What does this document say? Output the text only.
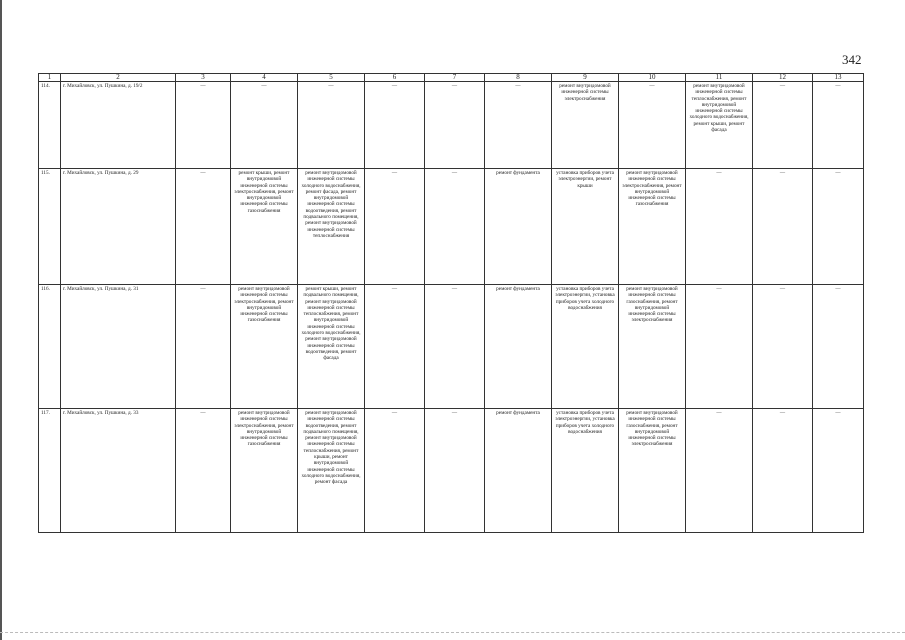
342
1	2	3	4	5	6	7	8	9	10	11	12	13
114.	г. Михайловск, ул. Пушкина, д. 19/2	—	—	—	—	—	—	ремонт внутридомовой инженерной системы электроснабжения	—	ремонт внутридомовой инженерной системы теплоснабжения, ремонт внутридомовой инженерной системы холодного водоснабжения, ремонт крыши, ремонт фасада	—	—
115.	г. Михайловск, ул. Пушкина, д. 29	—	ремонт крыши, ремонт внутридомовой инженерной системы электроснабжения, ремонт внутридомовой инженерной системы газоснабжения	ремонт внутридомовой инженерной системы холодного водоснабжения, ремонт фасада, ремонт внутридомовой инженерной системы водоотведения, ремонт подвального помещения, ремонт внутридомовой инженерной системы теплоснабжения	—	—	ремонт фундамента	установка приборов учета электроэнергии, ремонт крыши	ремонт внутридомовой инженерной системы электроснабжения, ремонт внутридомовой инженерной системы газоснабжения	—	—	—
116.	г. Михайловск, ул. Пушкина, д. 31	—	ремонт внутридомовой инженерной системы электроснабжения, ремонт внутридомовой инженерной системы газоснабжения	ремонт крыши, ремонт подвального помещения, ремонт внутридомовой инженерной системы теплоснабжения, ремонт внутридомовой инженерной системы холодного водоснабжения, ремонт внутридомовой инженерной системы водоотведения, ремонт фасада	—	—	ремонт фундамента	установка приборов учета электроэнергии, установка приборов учета холодного водоснабжения	ремонт внутридомовой инженерной системы газоснабжения, ремонт внутридомовой инженерной системы электроснабжения	—	—	—
117.	г. Михайловск, ул. Пушкина, д. 33	—	ремонт внутридомовой инженерной системы электроснабжения, ремонт внутридомовой инженерной системы газоснабжения	ремонт внутридомовой инженерной системы водоотведения, ремонт подвального помещения, ремонт внутридомовой инженерной системы теплоснабжения, ремонт крыши, ремонт внутридомовой инженерной системы холодного водоснабжения, ремонт фасада	—	—	ремонт фундамента	установка приборов учета электроэнергии, установка приборов учета холодного водоснабжения	ремонт внутридомовой инженерной системы газоснабжения, ремонт внутридомовой инженерной системы электроснабжения	—	—	—
